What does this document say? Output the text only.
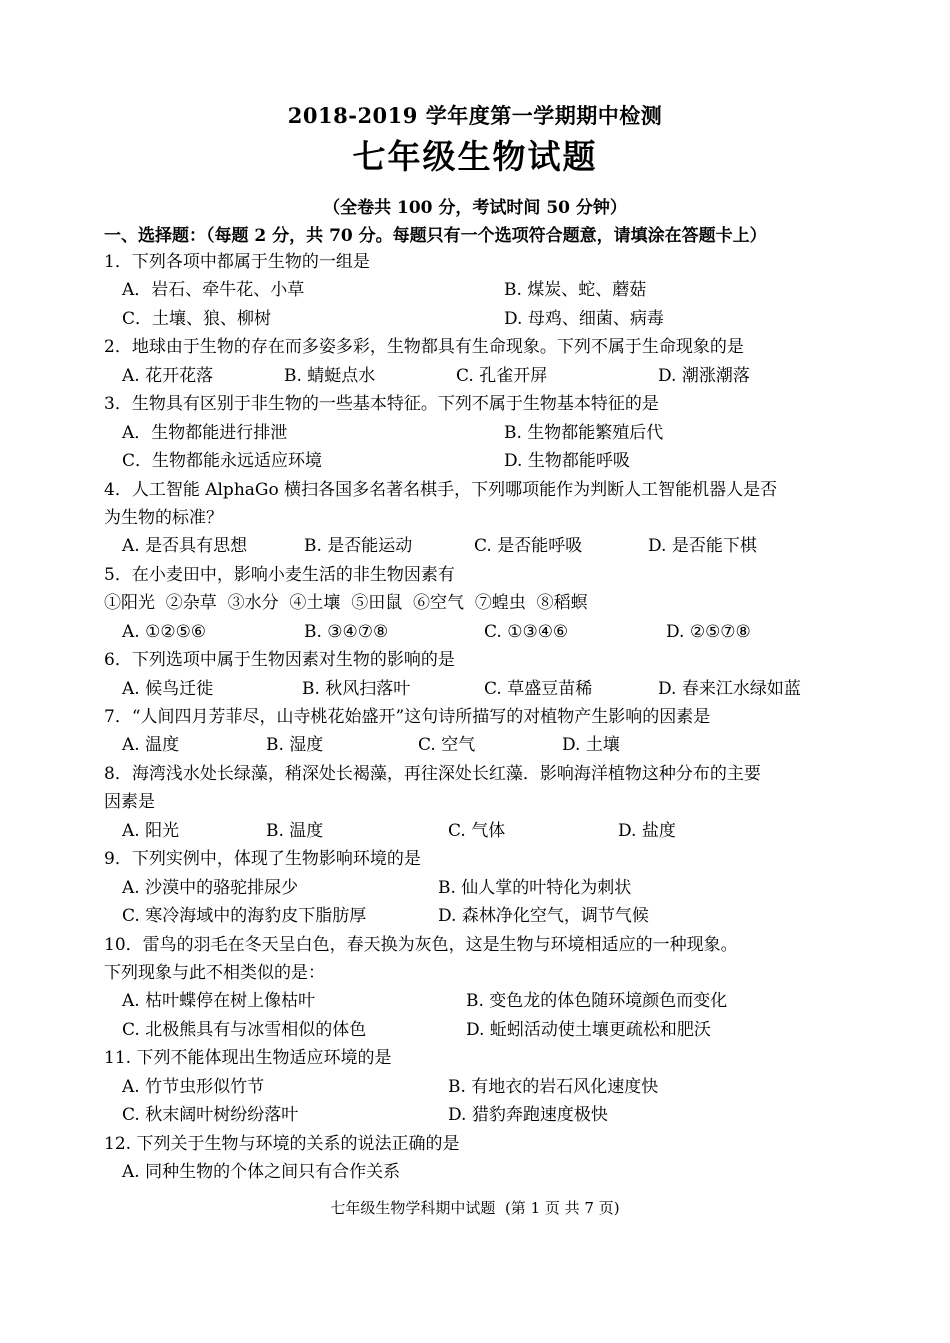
2018-2019 学年度第一学期期中检测
七年级生物试题
（全卷共 100 分，考试时间 50 分钟）
一、选择题：（每题 2 分，共 70 分。每题只有一个选项符合题意，请填涂在答题卡上）
1．下列各项中都属于生物的一组是
A．岩石、牵牛花、小草	B. 煤炭、蛇、蘑菇
C．土壤、狼、柳树	D. 母鸡、细菌、病毒
2．地球由于生物的存在而多姿多彩，生物都具有生命现象。下列不属于生命现象的是
A. 花开花落	B. 蜻蜓点水	C. 孔雀开屏	D. 潮涨潮落
3．生物具有区别于非生物的一些基本特征。下列不属于生物基本特征的是
A．生物都能进行排泄	B. 生物都能繁殖后代
C．生物都能永远适应环境	D. 生物都能呼吸
4．人工智能 AlphaGo 横扫各国多名著名棋手，下列哪项能作为判断人工智能机器人是否
为生物的标准？
A. 是否具有思想	B. 是否能运动	C. 是否能呼吸	D. 是否能下棋
5．在小麦田中，影响小麦生活的非生物因素有
①阳光  ②杂草  ③水分  ④土壤  ⑤田鼠  ⑥空气  ⑦蝗虫  ⑧稻螟
A. ①②⑤⑥	B. ③④⑦⑧	C. ①③④⑥	D. ②⑤⑦⑧
6．下列选项中属于生物因素对生物的影响的是
A. 候鸟迁徙	B. 秋风扫落叶	C. 草盛豆苗稀	D. 春来江水绿如蓝
7．“人间四月芳菲尽，山寺桃花始盛开”这句诗所描写的对植物产生影响的因素是
A. 温度	B. 湿度	C. 空气	D. 土壤
8．海湾浅水处长绿藻，稍深处长褐藻，再往深处长红藻．影响海洋植物这种分布的主要
因素是
A. 阳光	B. 温度	C. 气体	D. 盐度
9．下列实例中，体现了生物影响环境的是
A. 沙漠中的骆驼排尿少	B. 仙人掌的叶特化为刺状
C. 寒冷海域中的海豹皮下脂肪厚	D. 森林净化空气，调节气候
10．雷鸟的羽毛在冬天呈白色，春天换为灰色，这是生物与环境相适应的一种现象。
下列现象与此不相类似的是：
A. 枯叶蝶停在树上像枯叶	B. 变色龙的体色随环境颜色而变化
C. 北极熊具有与冰雪相似的体色	D. 蚯蚓活动使土壤更疏松和肥沃
11. 下列不能体现出生物适应环境的是
A. 竹节虫形似竹节	B. 有地衣的岩石风化速度快
C. 秋末阔叶树纷纷落叶	D. 猎豹奔跑速度极快
12. 下列关于生物与环境的关系的说法正确的是
A. 同种生物的个体之间只有合作关系
七年级生物学科期中试题  (第 1 页 共 7 页)
